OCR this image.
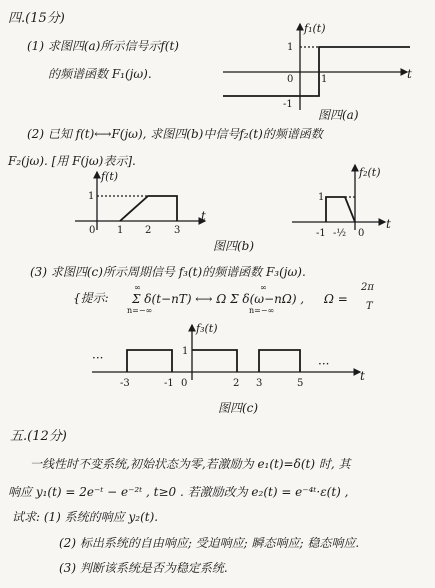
四.(15分)
(1) 求图四(a)所示信号示f(t)
的频谱函数 F₁(jω).
(2) 已知 f(t)⟷F(jω), 求图四(b)中信号f₂(t)的频谱函数
F₂(jω). [用 F(jω)表示].
(3) 求图四(c)所示周期信号 f₃(t)的频谱函数 F₃(jω).
{提示:
∞
Σ δ(t−nT) ⟷ Ω Σ δ(ω−nΩ) ,
n=−∞
∞
n=−∞
Ω =
2π
T
五.(12分)
一线性时不变系统,初始状态为零,若激励为 e₁(t)=δ(t) 时, 其
响应 y₁(t) = 2e⁻ᵗ − e⁻²ᵗ , t≥0 . 若激励改为 e₂(t) = e⁻⁴ᵗ·ε(t) ,
试求: (1) 系统的响应 y₂(t).
(2) 标出系统的自由响应; 受迫响应; 瞬态响应; 稳态响应.
(3) 判断该系统是否为稳定系统.
f₁(t)
t
1
-1
0	1
图四(a)
f(t)
t
1
0 1 2 3
f₂(t)
t
1
-1 -½ 0
图四(b)
f₃(t)
t
1
···	···
-3	-1 0	2 3	5
图四(c)
